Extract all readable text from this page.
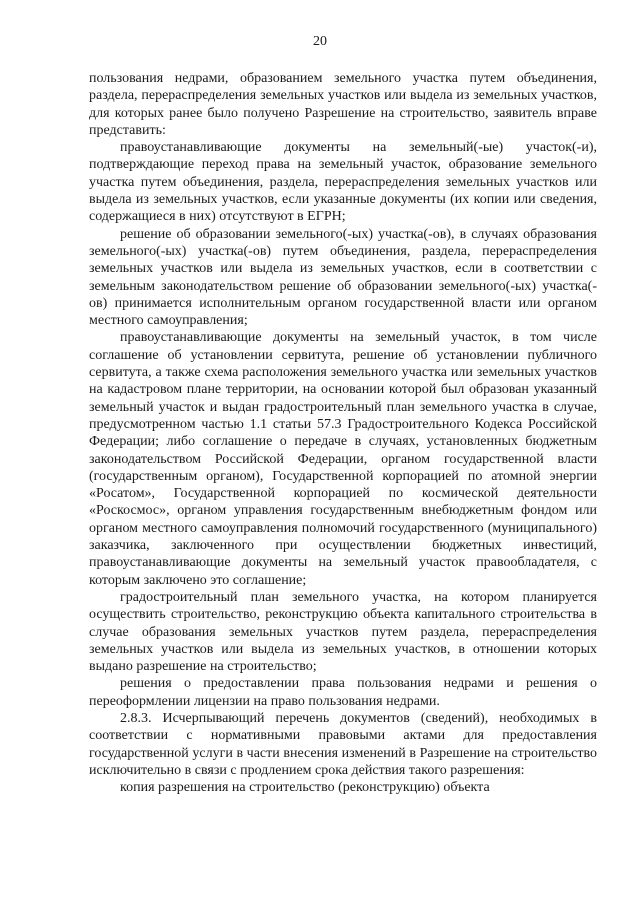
20

пользования недрами, образованием земельного участка путем объединения, раздела, перераспределения земельных участков или выдела из земельных участков, для которых ранее было получено Разрешение на строительство, заявитель вправе представить:

правоустанавливающие документы на земельный(-ые) участок(-и), подтверждающие переход права на земельный участок, образование земельного участка путем объединения, раздела, перераспределения земельных участков или выдела из земельных участков, если указанные документы (их копии или сведения, содержащиеся в них) отсутствуют в ЕГРН;

решение об образовании земельного(-ых) участка(-ов), в случаях образования земельного(-ых) участка(-ов) путем объединения, раздела, перераспределения земельных участков или выдела из земельных участков, если в соответствии с земельным законодательством решение об образовании земельного(-ых) участка(-ов) принимается исполнительным органом государственной власти или органом местного самоуправления;

правоустанавливающие документы на земельный участок, в том числе соглашение об установлении сервитута, решение об установлении публичного сервитута, а также схема расположения земельного участка или земельных участков на кадастровом плане территории, на основании которой был образован указанный земельный участок и выдан градостроительный план земельного участка в случае, предусмотренном частью 1.1 статьи 57.3 Градостроительного Кодекса Российской Федерации; либо соглашение о передаче в случаях, установленных бюджетным законодательством Российской Федерации, органом государственной власти (государственным органом), Государственной корпорацией по атомной энергии «Росатом», Государственной корпорацией по космической деятельности «Роскосмос», органом управления государственным внебюджетным фондом или органом местного самоуправления полномочий государственного (муниципального) заказчика, заключенного при осуществлении бюджетных инвестиций, правоустанавливающие документы на земельный участок правообладателя, с которым заключено это соглашение;

градостроительный план земельного участка, на котором планируется осуществить строительство, реконструкцию объекта капитального строительства в случае образования земельных участков путем раздела, перераспределения земельных участков или выдела из земельных участков, в отношении которых выдано разрешение на строительство;

решения о предоставлении права пользования недрами и решения о переоформлении лицензии на право пользования недрами.

2.8.3. Исчерпывающий перечень документов (сведений), необходимых в соответствии с нормативными правовыми актами для предоставления государственной услуги в части внесения изменений в Разрешение на строительство исключительно в связи с продлением срока действия такого разрешения:

копия разрешения на строительство (реконструкцию) объекта
